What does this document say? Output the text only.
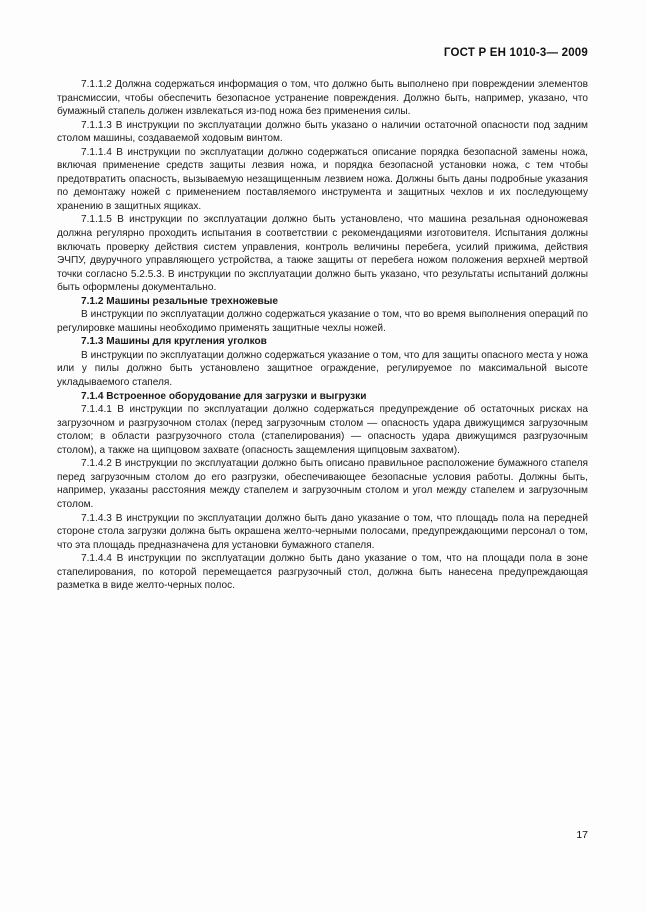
ГОСТ Р ЕН 1010-3— 2009

7.1.1.2 Должна содержаться информация о том, что должно быть выполнено при повреждении элементов трансмиссии, чтобы обеспечить безопасное устранение повреждения. Должно быть, например, указано, что бумажный стапель должен извлекаться из-под ножа без применения силы.

7.1.1.3 В инструкции по эксплуатации должно быть указано о наличии остаточной опасности под задним столом машины, создаваемой ходовым винтом.

7.1.1.4 В инструкции по эксплуатации должно содержаться описание порядка безопасной замены ножа, включая применение средств защиты лезвия ножа, и порядка безопасной установки ножа, с тем чтобы предотвратить опасность, вызываемую незащищенным лезвием ножа. Должны быть даны подробные указания по демонтажу ножей с применением поставляемого инструмента и защитных чехлов и их последующему хранению в защитных ящиках.

7.1.1.5 В инструкции по эксплуатации должно быть установлено, что машина резальная одноножевая должна регулярно проходить испытания в соответствии с рекомендациями изготовителя. Испытания должны включать проверку действия систем управления, контроль величины перебега, усилий прижима, действия ЭЧПУ, двуручного управляющего устройства, а также защиты от перебега ножом положения верхней мертвой точки согласно 5.2.5.3. В инструкции по эксплуатации должно быть указано, что результаты испытаний должны быть оформлены документально.

7.1.2 Машины резальные трехножевые

В инструкции по эксплуатации должно содержаться указание о том, что во время выполнения операций по регулировке машины необходимо применять защитные чехлы ножей.

7.1.3 Машины для кругления уголков

В инструкции по эксплуатации должно содержаться указание о том, что для защиты опасного места у ножа или у пилы должно быть установлено защитное ограждение, регулируемое по максимальной высоте укладываемого стапеля.

7.1.4 Встроенное оборудование для загрузки и выгрузки

7.1.4.1 В инструкции по эксплуатации должно содержаться предупреждение об остаточных рисках на загрузочном и разгрузочном столах (перед загрузочным столом — опасность удара движущимся загрузочным столом; в области разгрузочного стола (стапелирования) — опасность удара движущимся разгрузочным столом), а также на щипцовом захвате (опасность защемления щипцовым захватом).

7.1.4.2 В инструкции по эксплуатации должно быть описано правильное расположение бумажного стапеля перед загрузочным столом до его разгрузки, обеспечивающее безопасные условия работы. Должны быть, например, указаны расстояния между стапелем и загрузочным столом и угол между стапелем и загрузочным столом.

7.1.4.3 В инструкции по эксплуатации должно быть дано указание о том, что площадь пола на передней стороне стола загрузки должна быть окрашена желто-черными полосами, предупреждающими персонал о том, что эта площадь предназначена для установки бумажного стапеля.

7.1.4.4 В инструкции по эксплуатации должно быть дано указание о том, что на площади пола в зоне стапелирования, по которой перемещается разгрузочный стол, должна быть нанесена предупреждающая разметка в виде желто-черных полос.

17
